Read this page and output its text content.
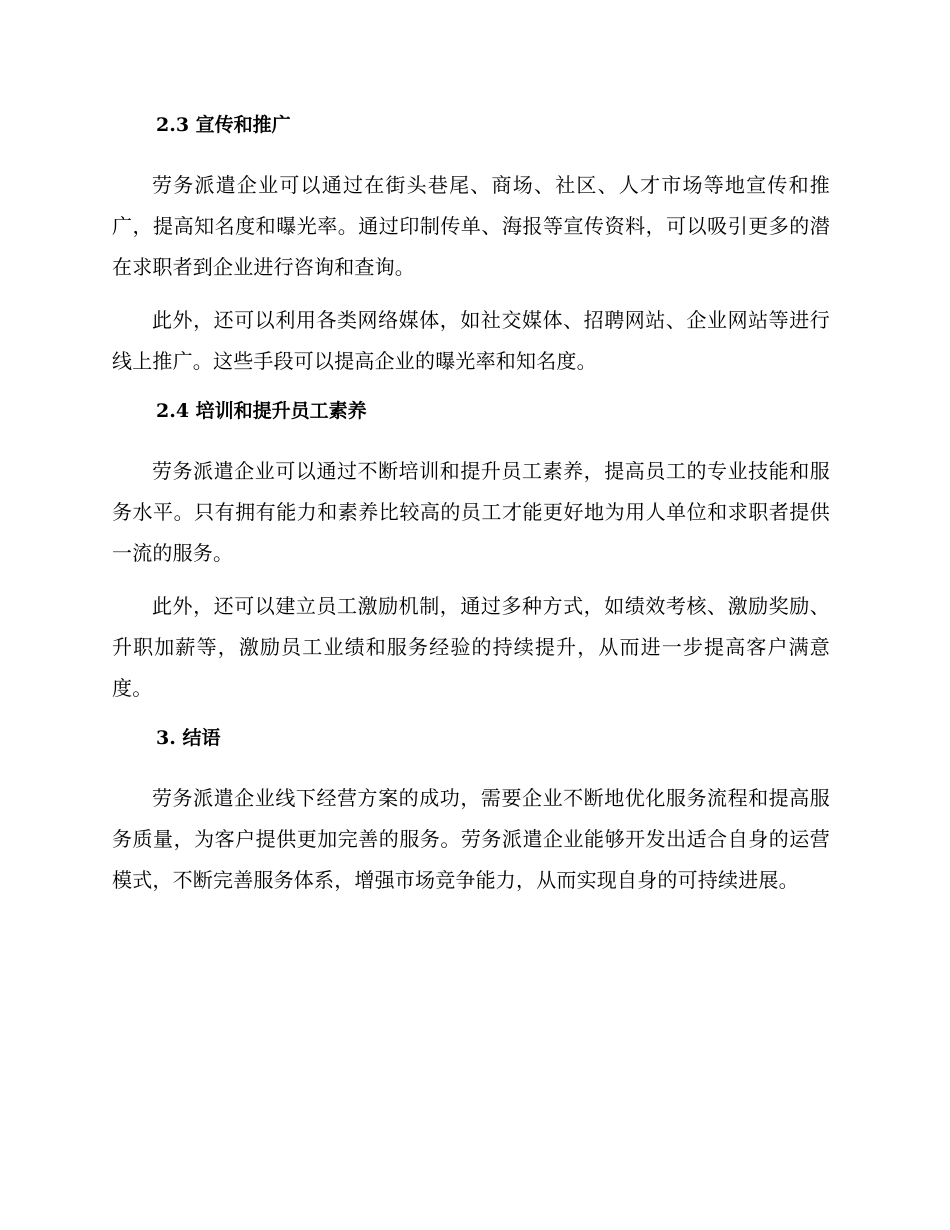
2.3 宣传和推广

劳务派遣企业可以通过在街头巷尾、商场、社区、人才市场等地宣传和推广，提高知名度和曝光率。通过印制传单、海报等宣传资料，可以吸引更多的潜在求职者到企业进行咨询和查询。

此外，还可以利用各类网络媒体，如社交媒体、招聘网站、企业网站等进行线上推广。这些手段可以提高企业的曝光率和知名度。

2.4 培训和提升员工素养

劳务派遣企业可以通过不断培训和提升员工素养，提高员工的专业技能和服务水平。只有拥有能力和素养比较高的员工才能更好地为用人单位和求职者提供一流的服务。

此外，还可以建立员工激励机制，通过多种方式，如绩效考核、激励奖励、升职加薪等，激励员工业绩和服务经验的持续提升，从而进一步提高客户满意度。

3. 结语

劳务派遣企业线下经营方案的成功，需要企业不断地优化服务流程和提高服务质量，为客户提供更加完善的服务。劳务派遣企业能够开发出适合自身的运营模式，不断完善服务体系，增强市场竞争能力，从而实现自身的可持续进展。
